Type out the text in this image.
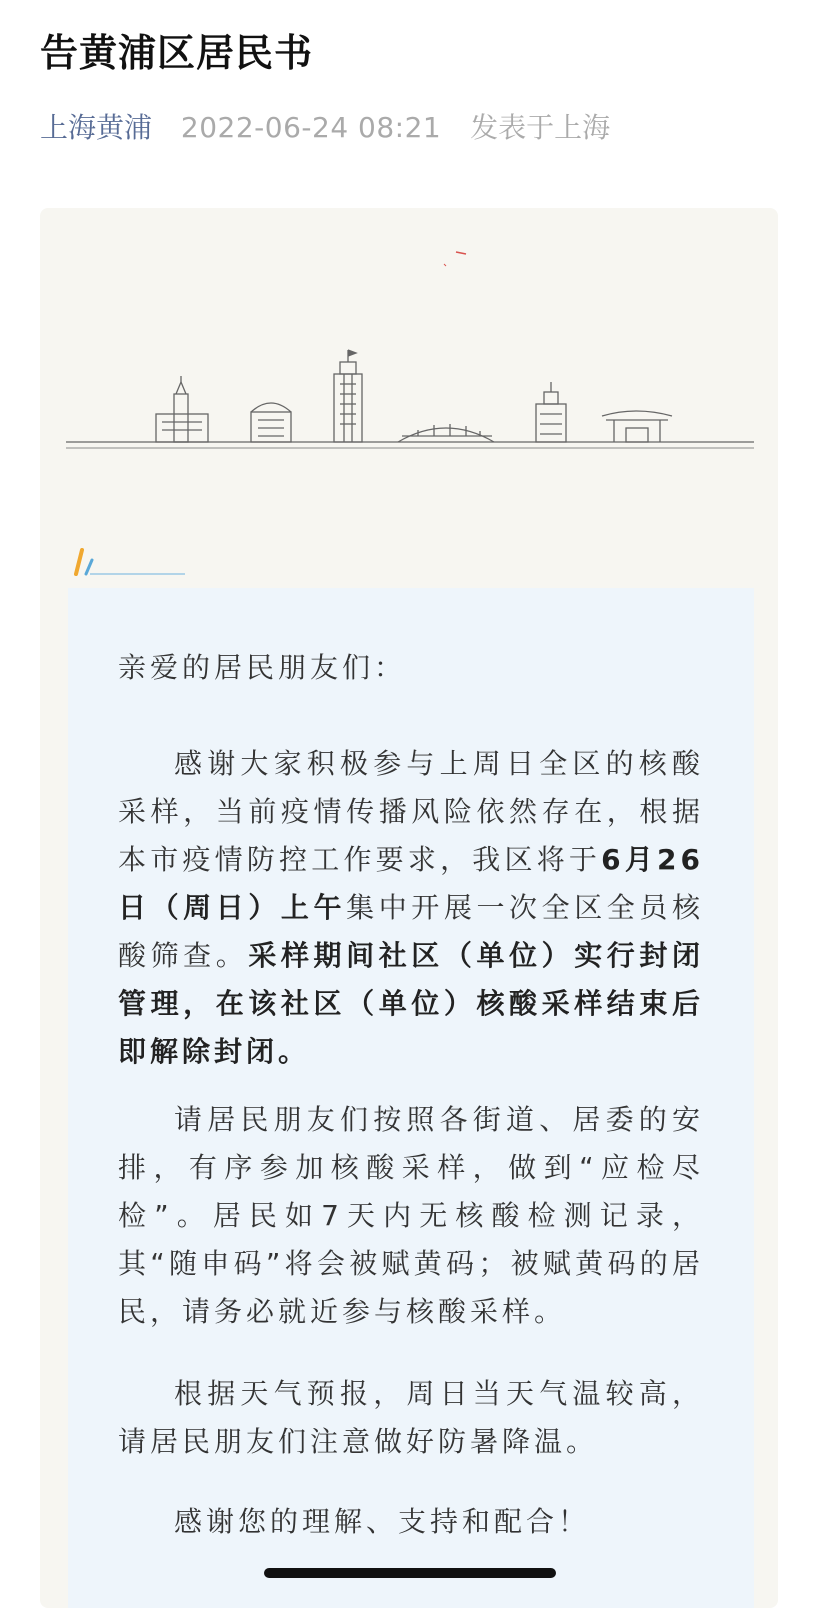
告黄浦区居民书
上海黄浦 2022-06-24 08:21 发表于上海
亲爱的居民朋友们：

感谢大家积极参与上周日全区的核酸采样，当前疫情传播风险依然存在，根据本市疫情防控工作要求，我区将于6月26日（周日）上午集中开展一次全区全员核酸筛查。采样期间社区（单位）实行封闭管理，在该社区（单位）核酸采样结束后即解除封闭。

请居民朋友们按照各街道、居委的安排，有序参加核酸采样，做到“应检尽检”。居民如7天内无核酸检测记录，其“随申码”将会被赋黄码；被赋黄码的居民，请务必就近参与核酸采样。

根据天气预报，周日当天气温较高，请居民朋友们注意做好防暑降温。

感谢您的理解、支持和配合！
